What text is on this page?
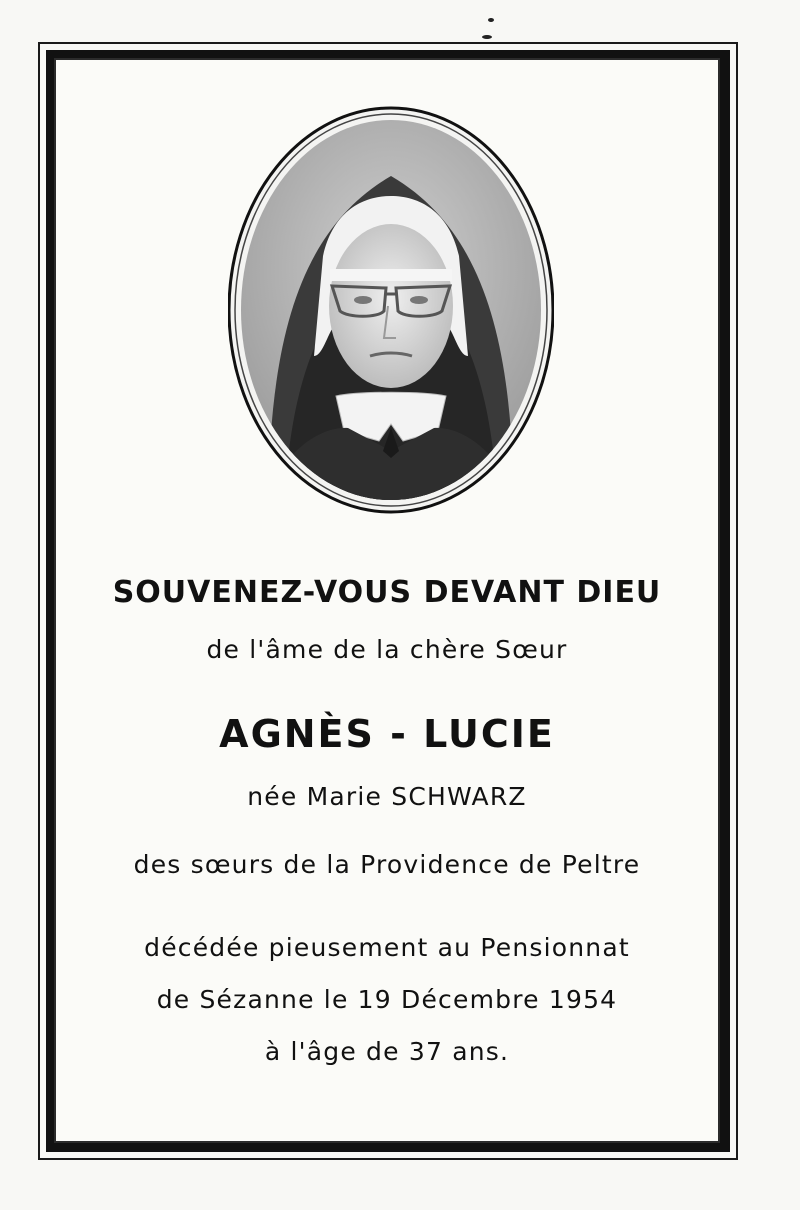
SOUVENEZ-VOUS DEVANT DIEU
de l'âme de la chère Sœur
AGNÈS - LUCIE
née Marie SCHWARZ
des sœurs de la Providence de Peltre
décédée pieusement au Pensionnat
de Sézanne le 19 Décembre 1954
à l'âge de 37 ans.
